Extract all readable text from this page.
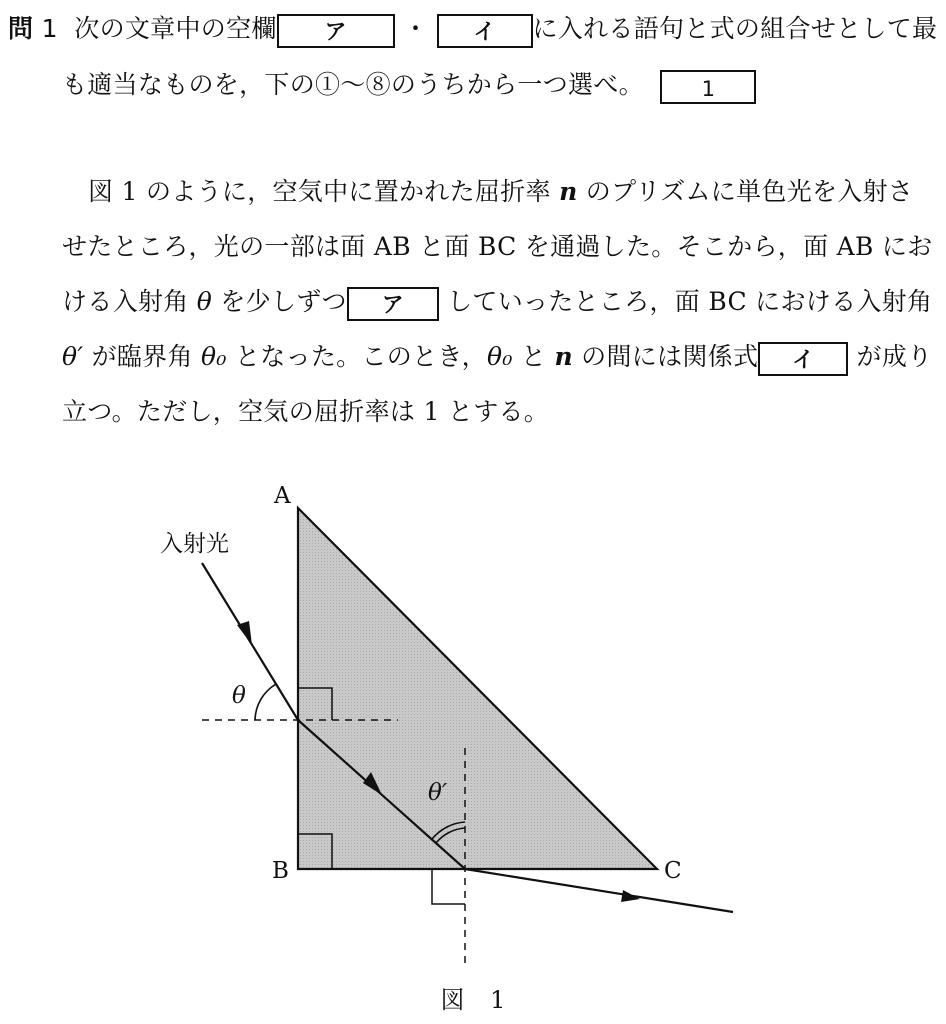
問 1 次の文章中の空欄 ア ・ イ に入れる語句と式の組合せとして最
も適当なものを，下の①～⑧のうちから一つ選べ。	1
図 1 のように，空気中に置かれた屈折率 n のプリズムに単色光を入射さ
せたところ，光の一部は面 AB と面 BC を通過した。そこから，面 AB にお
ける入射角 θ を少しずつ ア していったところ，面 BC における入射角
θ′ が臨界角 θ₀ となった。このとき，θ₀ と n の間には関係式 イ が成り
立つ。ただし，空気の屈折率は 1 とする。
A
B	C
入射光
θ
θ′
図 1
